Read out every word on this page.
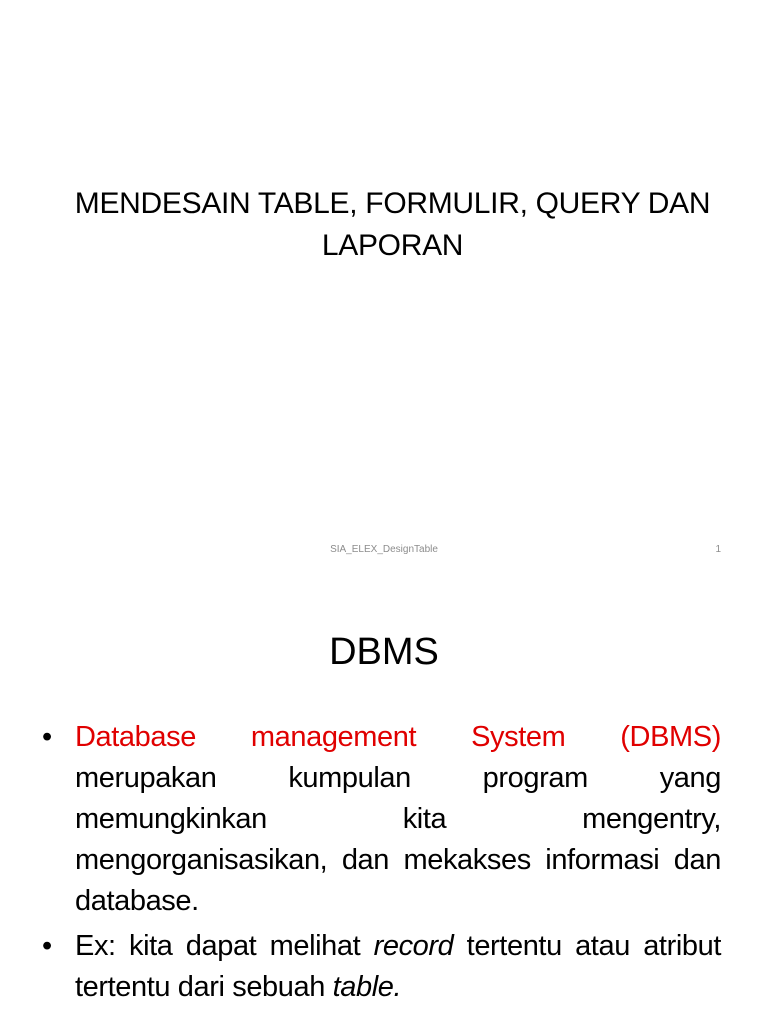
MENDESAIN TABLE, FORMULIR, QUERY DAN LAPORAN
SIA_ELEX_DesignTable	1
DBMS
• Database management System (DBMS) merupakan kumpulan program yang memungkinkan kita mengentry, mengorganisasikan, dan mekakses informasi dan database.
• Ex: kita dapat melihat record tertentu atau atribut tertentu dari sebuah table.
